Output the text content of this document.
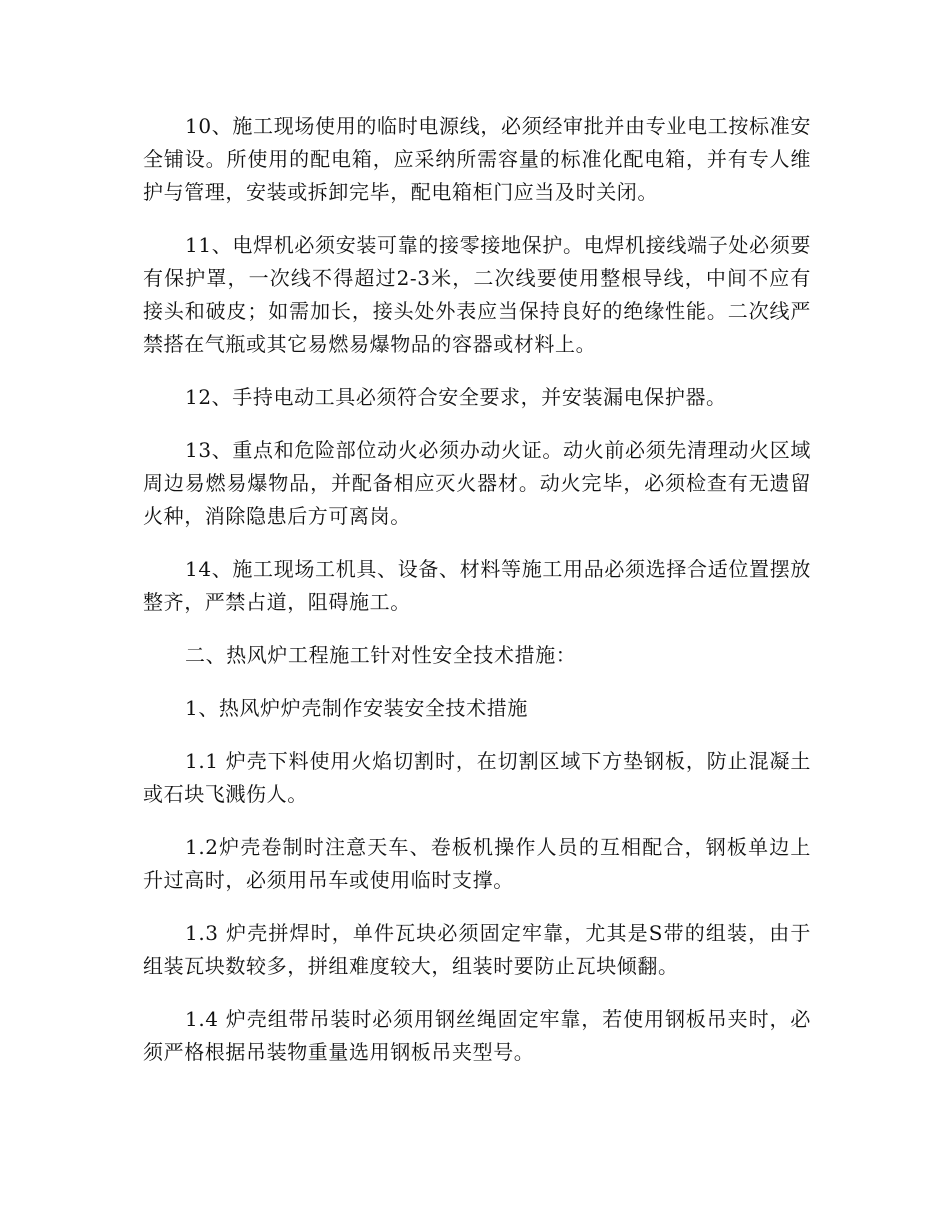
10、施工现场使用的临时电源线，必须经审批并由专业电工按标准安全铺设。所使用的配电箱，应采纳所需容量的标准化配电箱，并有专人维护与管理，安装或拆卸完毕，配电箱柜门应当及时关闭。

11、电焊机必须安装可靠的接零接地保护。电焊机接线端子处必须要有保护罩，一次线不得超过2-3米，二次线要使用整根导线，中间不应有接头和破皮；如需加长，接头处外表应当保持良好的绝缘性能。二次线严禁搭在气瓶或其它易燃易爆物品的容器或材料上。

12、手持电动工具必须符合安全要求，并安装漏电保护器。

13、重点和危险部位动火必须办动火证。动火前必须先清理动火区域周边易燃易爆物品，并配备相应灭火器材。动火完毕，必须检查有无遗留火种，消除隐患后方可离岗。

14、施工现场工机具、设备、材料等施工用品必须选择合适位置摆放整齐，严禁占道，阻碍施工。

二、热风炉工程施工针对性安全技术措施：

1、热风炉炉壳制作安装安全技术措施

1.1 炉壳下料使用火焰切割时，在切割区域下方垫钢板，防止混凝土或石块飞溅伤人。

1.2炉壳卷制时注意天车、卷板机操作人员的互相配合，钢板单边上升过高时，必须用吊车或使用临时支撑。

1.3 炉壳拼焊时，单件瓦块必须固定牢靠，尤其是S带的组装，由于组装瓦块数较多，拼组难度较大，组装时要防止瓦块倾翻。

1.4 炉壳组带吊装时必须用钢丝绳固定牢靠，若使用钢板吊夹时，必须严格根据吊装物重量选用钢板吊夹型号。
